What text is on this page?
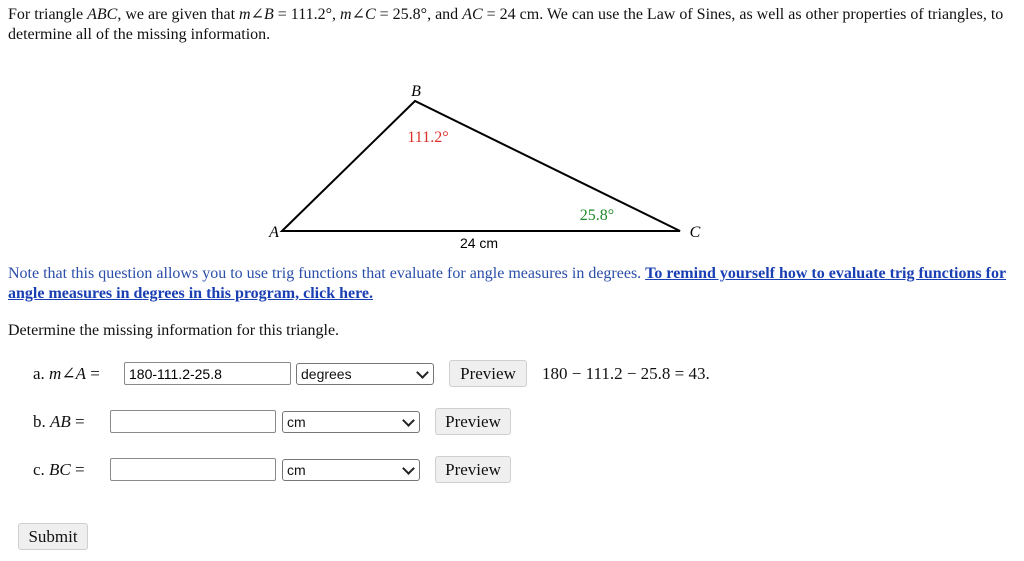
For triangle ABC, we are given that m∠B = 111.2°, m∠C = 25.8°, and AC = 24 cm. We can use the Law of Sines, as well as other properties of triangles, to determine all of the missing information.
B
A	C
111.2°
25.8°
24 cm
Note that this question allows you to use trig functions that evaluate for angle measures in degrees. To remind yourself how to evaluate trig functions for angle measures in degrees in this program, click here.
Determine the missing information for this triangle.
a. m∠A =
180-111.2-25.8	degrees	Preview	180 − 111.2 − 25.8 = 43.
b. AB =	cm	Preview
c. BC =	cm	Preview
Submit
